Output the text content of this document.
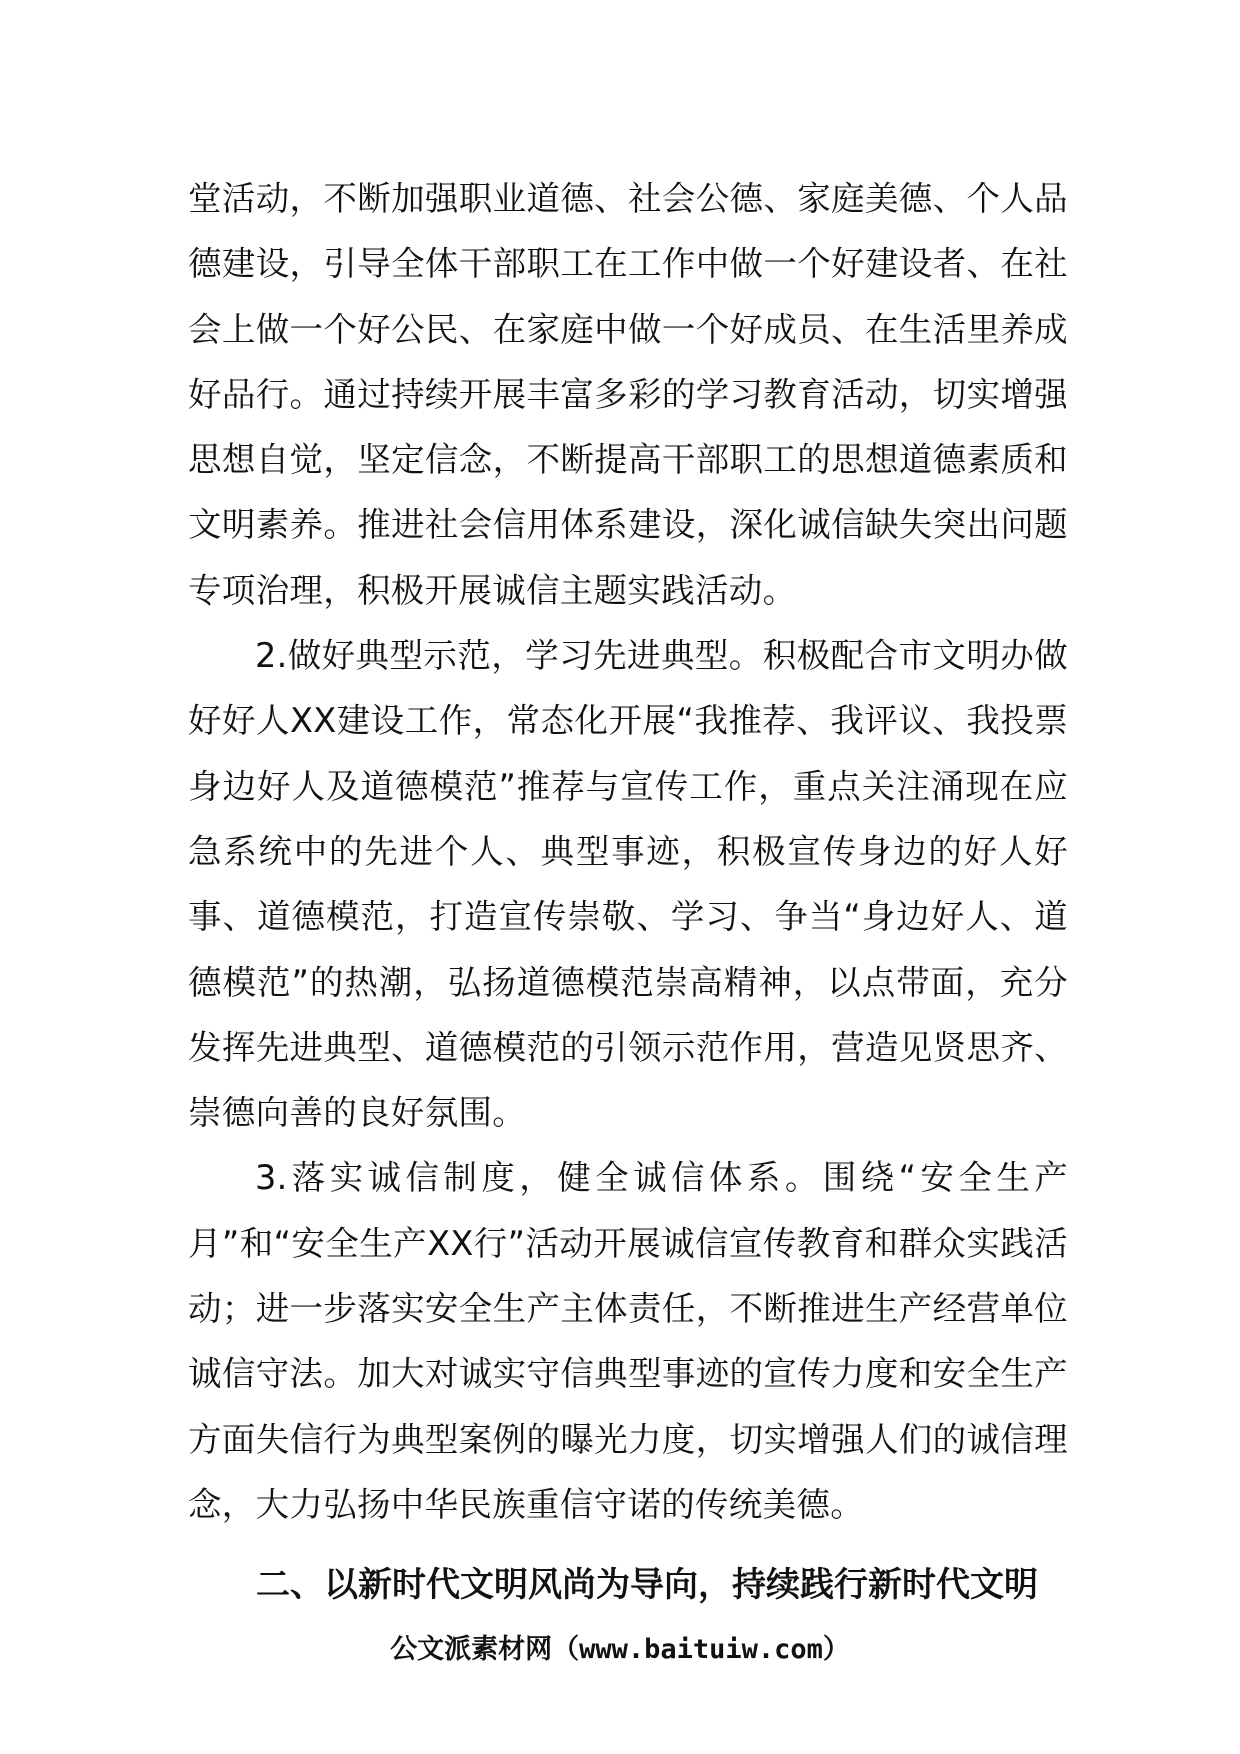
堂活动，不断加强职业道德、社会公德、家庭美德、个人品德建设，引导全体干部职工在工作中做一个好建设者、在社会上做一个好公民、在家庭中做一个好成员、在生活里养成好品行。通过持续开展丰富多彩的学习教育活动，切实增强思想自觉，坚定信念，不断提高干部职工的思想道德素质和文明素养。推进社会信用体系建设，深化诚信缺失突出问题专项治理，积极开展诚信主题实践活动。

2.做好典型示范，学习先进典型。积极配合市文明办做好好人XX建设工作，常态化开展“我推荐、我评议、我投票身边好人及道德模范”推荐与宣传工作，重点关注涌现在应急系统中的先进个人、典型事迹，积极宣传身边的好人好事、道德模范，打造宣传崇敬、学习、争当“身边好人、道德模范”的热潮，弘扬道德模范崇高精神，以点带面，充分发挥先进典型、道德模范的引领示范作用，营造见贤思齐、崇德向善的良好氛围。

3.落实诚信制度，健全诚信体系。围绕“安全生产月”和“安全生产XX行”活动开展诚信宣传教育和群众实践活动；进一步落实安全生产主体责任，不断推进生产经营单位诚信守法。加大对诚实守信典型事迹的宣传力度和安全生产方面失信行为典型案例的曝光力度，切实增强人们的诚信理念，大力弘扬中华民族重信守诺的传统美德。

二、以新时代文明风尚为导向，持续践行新时代文明
公文派素材网（www.baituiw.com）
